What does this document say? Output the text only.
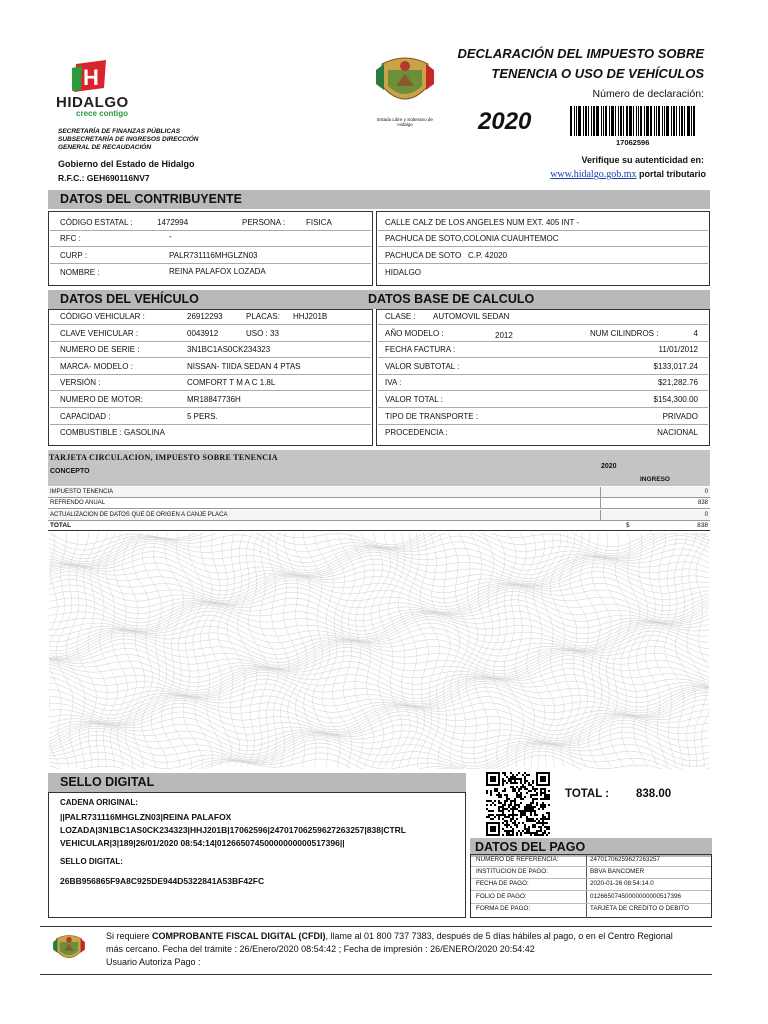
H
HIDALGO
crece contigo
SECRETARÍA DE FINANZAS PÚBLICAS
SUBSECRETARÍA DE INGRESOS DIRECCIÓN
GENERAL DE RECAUDACIÓN
Gobierno del Estado de Hidalgo
R.F.C.: GEH690116NV7
Estado Libre y Soberano de Hidalgo
DECLARACIÓN DEL IMPUESTO SOBRE
TENENCIA O USO DE VEHÍCULOS
Número de declaración:
2020
17062596
Verifique su autenticidad en:
www.hidalgo.gob.mx portal tributario
DATOS DEL CONTRIBUYENTE
CÓDIGO ESTATAL :	1472994	PERSONA :	FISICA
RFC :	-
CURP :	PALR731116MHGLZN03
NOMBRE :	REINA PALAFOX LOZADA
CALLE CALZ DE LOS ANGELES NUM EXT. 405 INT -
PACHUCA DE SOTO,COLONIA CUAUHTEMOC
PACHUCA DE SOTO C.P. 42020
HIDALGO
DATOS DEL VEHÍCULO	DATOS BASE DE CALCULO
CÓDIGO VEHICULAR :	26912293	PLACAS: HHJ201B
CLAVE VEHICULAR :	0043912	USO : 33
NUMERO DE SERIE :	3N1BC1AS0CK234323
MARCA- MODELO :	NISSAN- TIIDA SEDAN 4 PTAS
VERSIÓN :	COMFORT T M A C 1.8L
NUMERO DE MOTOR:	MR18847736H
CAPACIDAD :	5 PERS.
COMBUSTIBLE : GASOLINA
CLASE : AUTOMOVIL SEDAN
AÑO MODELO :	2012	NUM CILINDROS :	4
FECHA FACTURA :	11/01/2012
VALOR SUBTOTAL :	$133,017.24
IVA :	$21,282.76
VALOR TOTAL :	$154,300.00
TIPO DE TRANSPORTE :	PRIVADO
PROCEDENCIA :	NACIONAL
TARJETA CIRCULACION, IMPUESTO SOBRE TENENCIA
CONCEPTO
2020
INGRESO
IMPUESTO TENENCIA	0
REFRENDO ANUAL	838
ACTUALIZACION DE DATOS QUE DE ORIGEN A CANJE PLACA	0
TOTAL	$	838
SELLO DIGITAL
CADENA ORIGINAL:
||PALR731116MHGLZN03|REINA PALAFOX
LOZADA|3N1BC1AS0CK234323|HHJ201B|17062596|24701706259627263257|838|CTRL
VEHICULAR|3|189|26/01/2020 08:54:14|01266507450000000000517396||
SELLO DIGITAL:
26BB956865F9A8C925DE944D5322841A53BF42FC
TOTAL : 838.00
DATOS DEL PAGO
NUMERO DE REFERENCIA:	24701706259627263257
INSTITUCION DE PAGO:	BBVA BANCOMER
FECHA DE PAGO:	2020-01-26 08:54:14.0
FOLIO DE PAGO:	01266507450000000000517396
FORMA DE PAGO:	TARJETA DE CREDITO O DEBITO
Si requiere COMPROBANTE FISCAL DIGITAL (CFDI), llame al 01 800 737 7383, después de 5 días hábiles al pago, o en el Centro Regional
más cercano. Fecha del trámite : 26/Enero/2020 08:54:42 ; Fecha de impresión : 26/ENERO/2020 20:54:42
Usuario Autoriza Pago :
